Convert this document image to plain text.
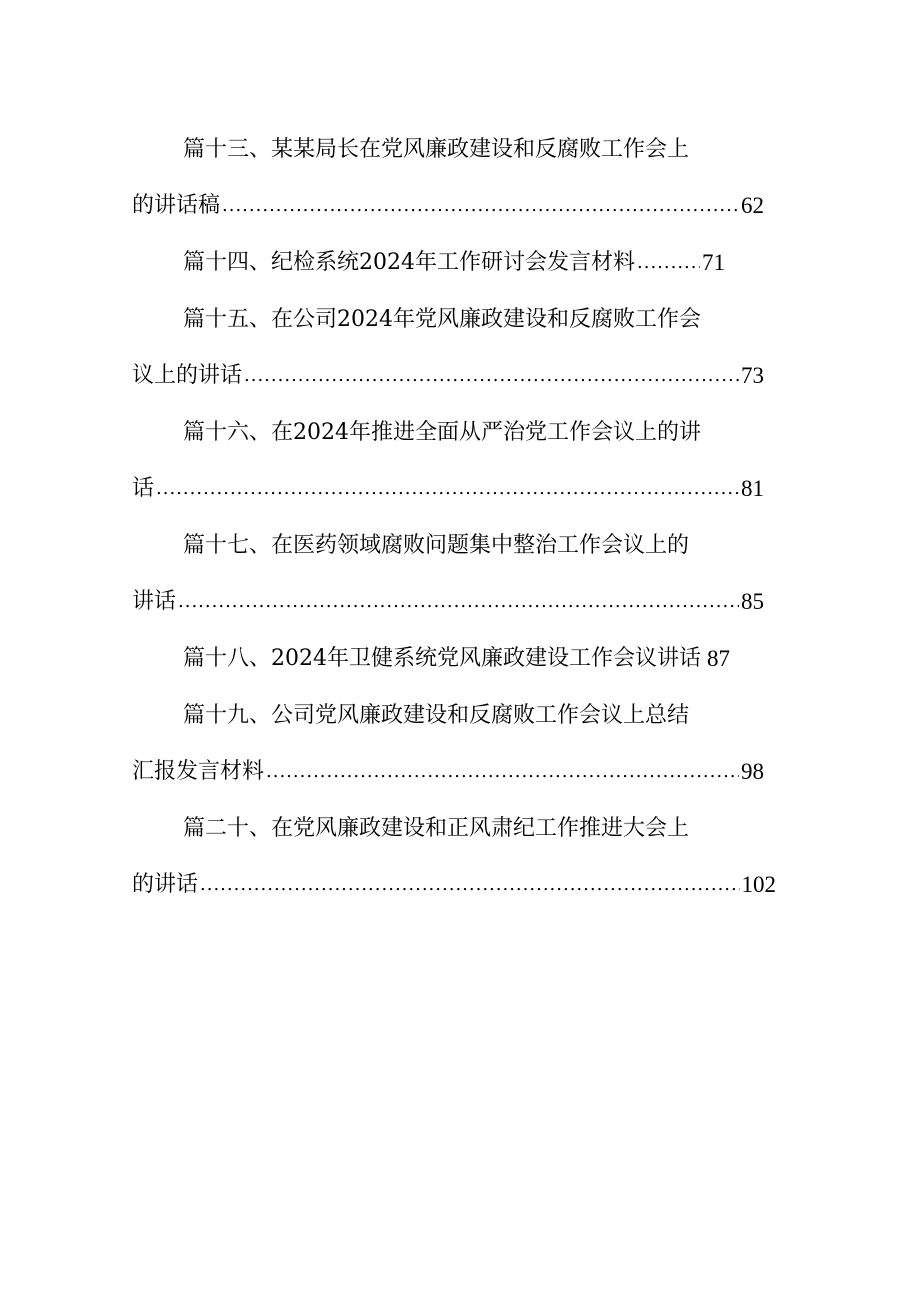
篇十三、某某局长在党风廉政建设和反腐败工作会上
的讲话稿 .....	62
篇十四、纪检系统2024年工作研讨会发言材料 .....	71
篇十五、在公司2024年党风廉政建设和反腐败工作会
议上的讲话 .....	73
篇十六、在2024年推进全面从严治党工作会议上的讲
话 .....	81
篇十七、在医药领域腐败问题集中整治工作会议上的
讲话 .....	85
篇十八、2024年卫健系统党风廉政建设工作会议讲话 87
篇十九、公司党风廉政建设和反腐败工作会议上总结
汇报发言材料 .....	98
篇二十、在党风廉政建设和正风肃纪工作推进大会上
的讲话 .....	102
